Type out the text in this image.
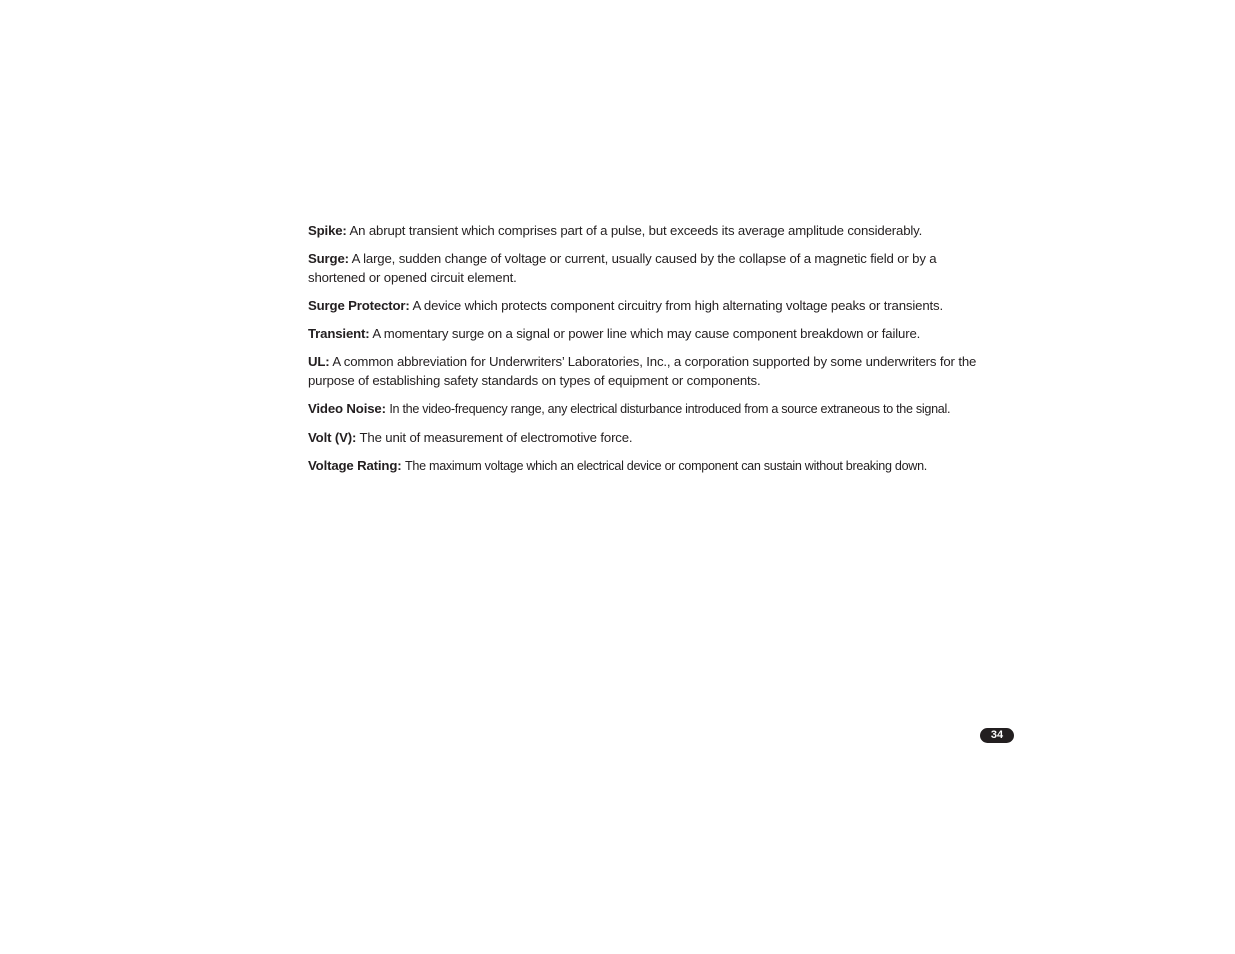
Spike: An abrupt transient which comprises part of a pulse, but exceeds its average amplitude considerably.

Surge: A large, sudden change of voltage or current, usually caused by the collapse of a magnetic field or by a shortened or opened circuit element.

Surge Protector: A device which protects component circuitry from high alternating voltage peaks or transients.

Transient: A momentary surge on a signal or power line which may cause component breakdown or failure.

UL: A common abbreviation for Underwriters’ Laboratories, Inc., a corporation supported by some underwriters for the purpose of establishing safety standards on types of equipment or components.

Video Noise: In the video-frequency range, any electrical disturbance introduced from a source extraneous to the signal.

Volt (V): The unit of measurement of electromotive force.

Voltage Rating: The maximum voltage which an electrical device or component can sustain without breaking down.

34
